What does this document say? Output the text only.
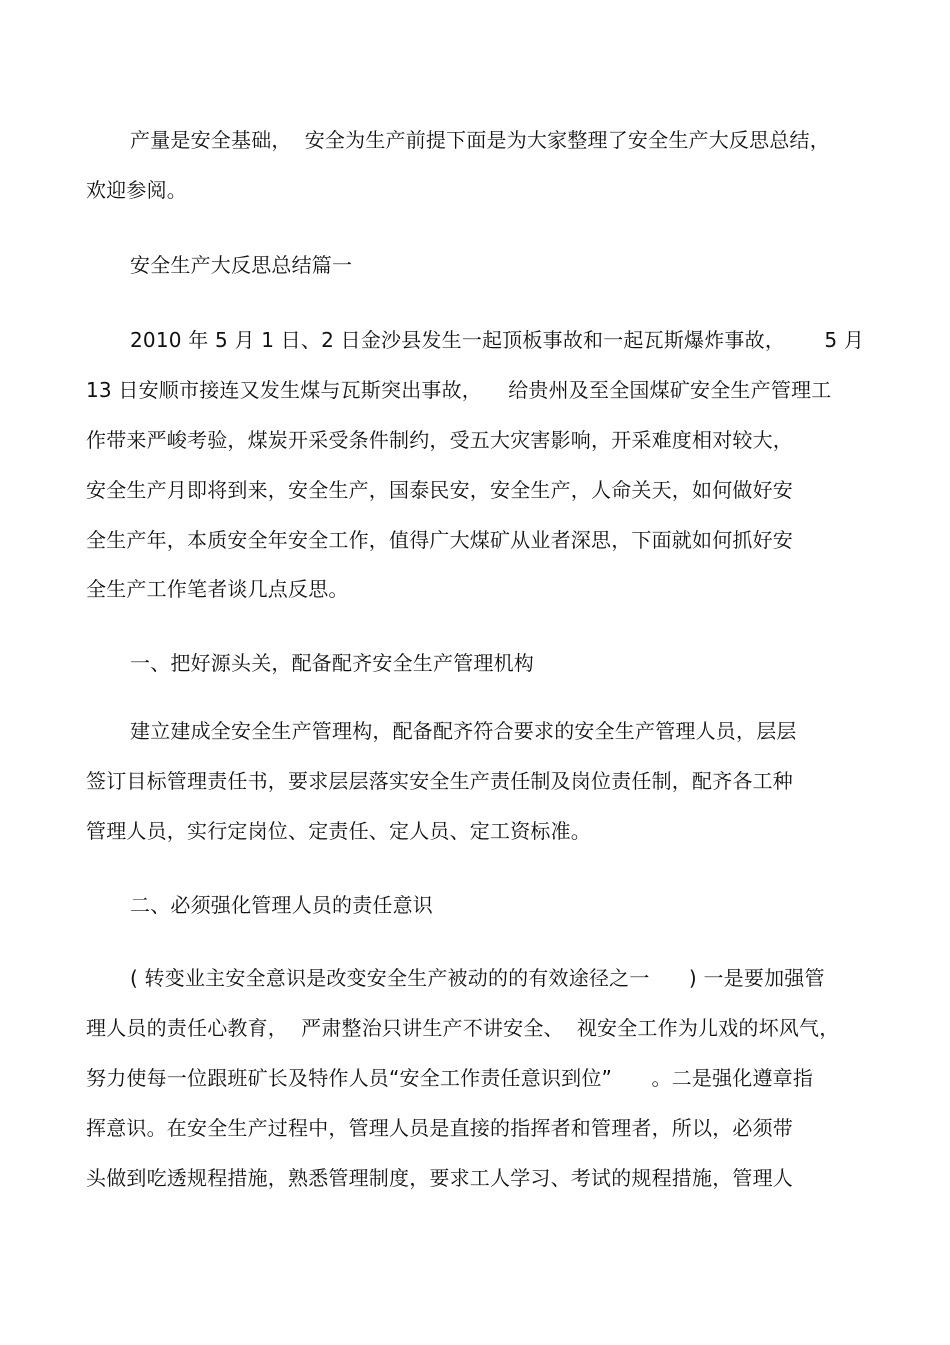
产量是安全基础，  安全为生产前提下面是为大家整理了安全生产大反思总结，
欢迎参阅。
安全生产大反思总结篇一
2010 年 5 月 1 日、2 日金沙县发生一起顶板事故和一起瓦斯爆炸事故，      5 月
13 日安顺市接连又发生煤与瓦斯突出事故，    给贵州及至全国煤矿安全生产管理工
作带来严峻考验，煤炭开采受条件制约，受五大灾害影响，开采难度相对较大，
安全生产月即将到来，安全生产，国泰民安，安全生产，人命关天，如何做好安
全生产年，本质安全年安全工作，值得广大煤矿从业者深思，下面就如何抓好安
全生产工作笔者谈几点反思。
一、把好源头关，配备配齐安全生产管理机构
建立建成全安全生产管理构，配备配齐符合要求的安全生产管理人员，层层
签订目标管理责任书，要求层层落实安全生产责任制及岗位责任制，配齐各工种
管理人员，实行定岗位、定责任、定人员、定工资标准。
二、必须强化管理人员的责任意识
( 转变业主安全意识是改变安全生产被动的的有效途径之一      ) 一是要加强管
理人员的责任心教育，  严肃整治只讲生产不讲安全、  视安全工作为儿戏的坏风气，
努力使每一位跟班矿长及特作人员“安全工作责任意识到位”      。二是强化遵章指
挥意识。在安全生产过程中，管理人员是直接的指挥者和管理者，所以，必须带
头做到吃透规程措施，熟悉管理制度，要求工人学习、考试的规程措施，管理人
